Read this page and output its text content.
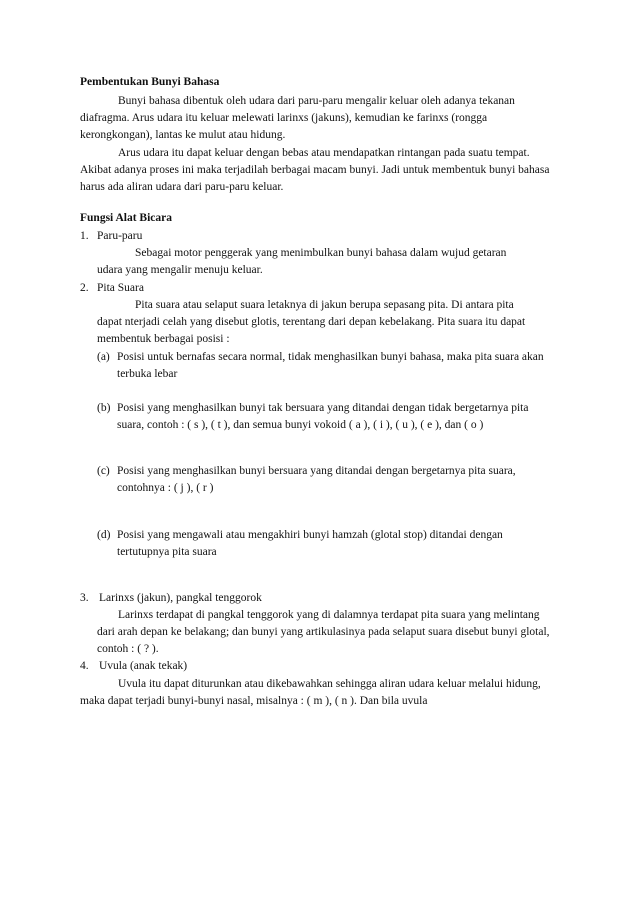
Pembentukan Bunyi Bahasa
Bunyi bahasa dibentuk oleh udara dari paru-paru mengalir keluar oleh adanya tekanan
diafragma. Arus udara itu keluar melewati larinxs (jakuns), kemudian ke farinxs (rongga
kerongkongan), lantas ke mulut atau hidung.
Arus udara itu dapat keluar dengan bebas atau mendapatkan rintangan pada suatu tempat.
Akibat adanya proses ini maka terjadilah berbagai macam bunyi. Jadi untuk membentuk bunyi bahasa
harus ada aliran udara dari paru-paru keluar.
Fungsi Alat Bicara
1. Paru-paru
Sebagai motor penggerak yang menimbulkan bunyi bahasa dalam wujud getaran
udara yang mengalir menuju keluar.
2. Pita Suara
Pita suara atau selaput suara letaknya di jakun berupa sepasang pita. Di antara pita
dapat nterjadi celah yang disebut glotis, terentang dari depan kebelakang. Pita suara itu dapat
membentuk berbagai posisi :
(a) Posisi untuk bernafas secara normal, tidak menghasilkan bunyi bahasa, maka pita suara akan
terbuka lebar
(b) Posisi yang menghasilkan bunyi tak bersuara yang ditandai dengan tidak bergetarnya pita
suara, contoh : ( s ), ( t ), dan semua bunyi vokoid ( a ), ( i ), ( u ), ( e ), dan ( o )
(c) Posisi yang menghasilkan bunyi bersuara yang ditandai dengan bergetarnya pita suara,
contohnya : ( j ), ( r )
(d) Posisi yang mengawali atau mengakhiri bunyi hamzah (glotal stop) ditandai dengan
tertutupnya pita suara
3. Larinxs (jakun), pangkal tenggorok
Larinxs terdapat di pangkal tenggorok yang di dalamnya terdapat pita suara yang melintang
dari arah depan ke belakang; dan bunyi yang artikulasinya pada selaput suara disebut bunyi glotal,
contoh : ( ? ).
4. Uvula (anak tekak)
Uvula itu dapat diturunkan atau dikebawahkan sehingga aliran udara keluar melalui hidung,
maka dapat terjadi bunyi-bunyi nasal, misalnya : ( m ), ( n ). Dan bila uvula
